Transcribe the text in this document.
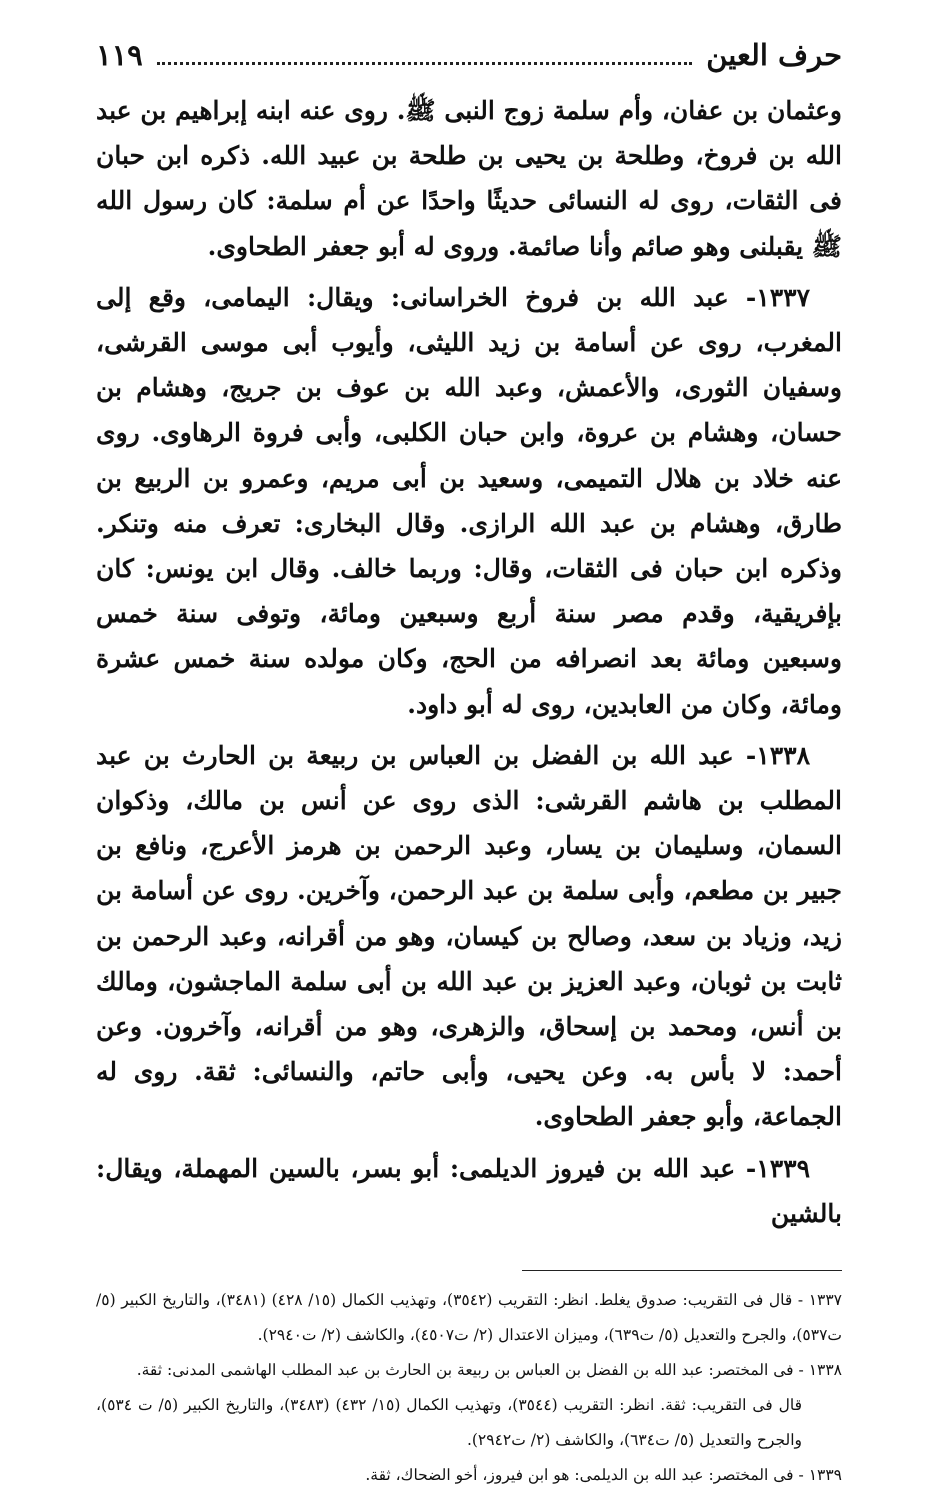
حرف العين
١١٩

وعثمان بن عفان، وأم سلمة زوج النبى ﷺ. روى عنه ابنه إبراهيم بن عبد الله بن فروخ، وطلحة بن يحيى بن طلحة بن عبيد الله. ذكره ابن حبان فى الثقات، روى له النسائى حديثًا واحدًا عن أم سلمة: كان رسول الله ﷺ يقبلنى وهو صائم وأنا صائمة. وروى له أبو جعفر الطحاوى.

١٣٣٧- عبد الله بن فروخ الخراسانى: ويقال: اليمامى، وقع إلى المغرب، روى عن أسامة بن زيد الليثى، وأيوب أبى موسى القرشى، وسفيان الثورى، والأعمش، وعبد الله بن عوف بن جريج، وهشام بن حسان، وهشام بن عروة، وابن حبان الكلبى، وأبى فروة الرهاوى. روى عنه خلاد بن هلال التميمى، وسعيد بن أبى مريم، وعمرو بن الربيع بن طارق، وهشام بن عبد الله الرازى. وقال البخارى: تعرف منه وتنكر. وذكره ابن حبان فى الثقات، وقال: وربما خالف. وقال ابن يونس: كان بإفريقية، وقدم مصر سنة أربع وسبعين ومائة، وتوفى سنة خمس وسبعين ومائة بعد انصرافه من الحج، وكان مولده سنة خمس عشرة ومائة، وكان من العابدين، روى له أبو داود.

١٣٣٨- عبد الله بن الفضل بن العباس بن ربيعة بن الحارث بن عبد المطلب بن هاشم القرشى: الذى روى عن أنس بن مالك، وذكوان السمان، وسليمان بن يسار، وعبد الرحمن بن هرمز الأعرج، ونافع بن جبير بن مطعم، وأبى سلمة بن عبد الرحمن، وآخرين. روى عن أسامة بن زيد، وزياد بن سعد، وصالح بن كيسان، وهو من أقرانه، وعبد الرحمن بن ثابت بن ثوبان، وعبد العزيز بن عبد الله بن أبى سلمة الماجشون، ومالك بن أنس، ومحمد بن إسحاق، والزهرى، وهو من أقرانه، وآخرون. وعن أحمد: لا بأس به. وعن يحيى، وأبى حاتم، والنسائى: ثقة. روى له الجماعة، وأبو جعفر الطحاوى.

١٣٣٩- عبد الله بن فيروز الديلمى: أبو بسر، بالسين المهملة، ويقال: بالشين

١٣٣٧ - قال فى التقريب: صدوق يغلط. انظر: التقريب (٣٥٤٢)، وتهذيب الكمال (١٥/ ٤٢٨) (٣٤٨١)، والتاريخ الكبير (٥/ ت٥٣٧)، والجرح والتعديل (٥/ ت٦٣٩)، وميزان الاعتدال (٢/ ت٤٥٠٧)، والكاشف (٢/ ت٢٩٤٠).

١٣٣٨ - فى المختصر: عبد الله بن الفضل بن العباس بن ربيعة بن الحارث بن عبد المطلب الهاشمى المدنى: ثقة.

قال فى التقريب: ثقة. انظر: التقريب (٣٥٤٤)، وتهذيب الكمال (١٥/ ٤٣٢) (٣٤٨٣)، والتاريخ الكبير (٥/ ت ٥٣٤)، والجرح والتعديل (٥/ ت٦٣٤)، والكاشف (٢/ ت٢٩٤٢).

١٣٣٩ - فى المختصر: عبد الله بن الديلمى: هو ابن فيروز، أخو الضحاك، ثقة.
